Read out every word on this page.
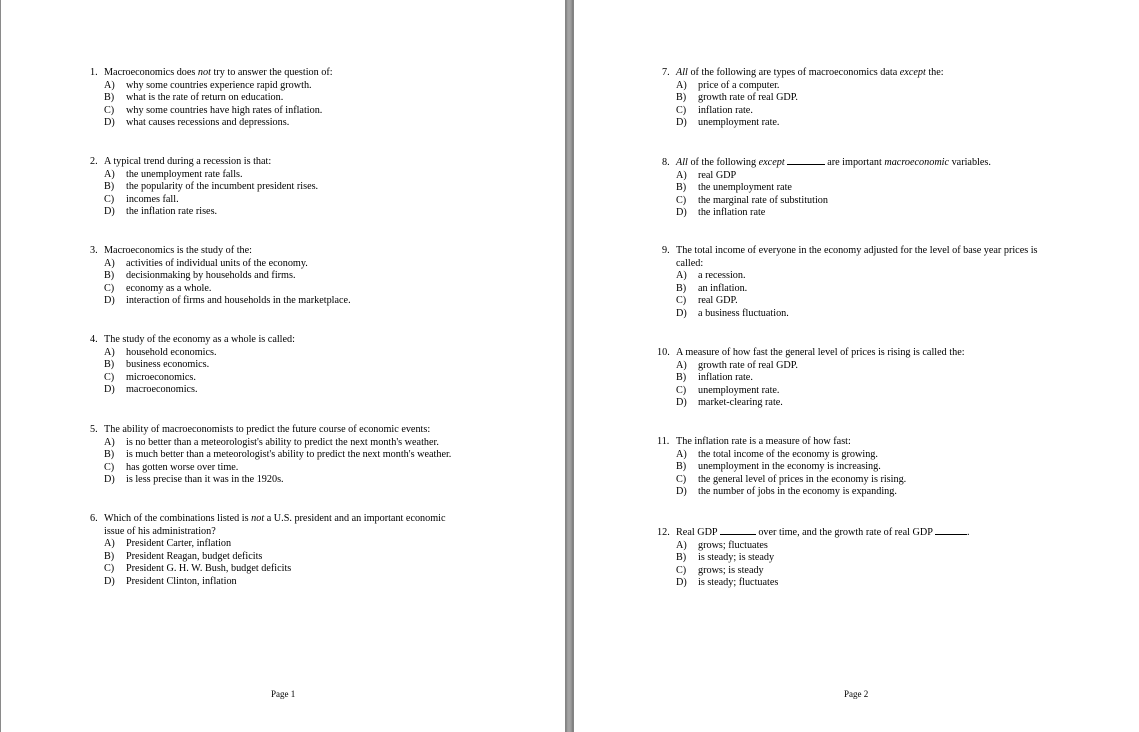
1. Macroeconomics does not try to answer the question of:
A) why some countries experience rapid growth.
B) what is the rate of return on education.
C) why some countries have high rates of inflation.
D) what causes recessions and depressions.
2. A typical trend during a recession is that:
A) the unemployment rate falls.
B) the popularity of the incumbent president rises.
C) incomes fall.
D) the inflation rate rises.
3. Macroeconomics is the study of the:
A) activities of individual units of the economy.
B) decisionmaking by households and firms.
C) economy as a whole.
D) interaction of firms and households in the marketplace.
4. The study of the economy as a whole is called:
A) household economics.
B) business economics.
C) microeconomics.
D) macroeconomics.
5. The ability of macroeconomists to predict the future course of economic events:
A) is no better than a meteorologist's ability to predict the next month's weather.
B) is much better than a meteorologist's ability to predict the next month's weather.
C) has gotten worse over time.
D) is less precise than it was in the 1920s.
6. Which of the combinations listed is not a U.S. president and an important economic
issue of his administration?
A) President Carter, inflation
B) President Reagan, budget deficits
C) President G. H. W. Bush, budget deficits
D) President Clinton, inflation
Page 1
7. All of the following are types of macroeconomics data except the:
A) price of a computer.
B) growth rate of real GDP.
C) inflation rate.
D) unemployment rate.
8. All of the following except	are important macroeconomic variables.
A) real GDP
B) the unemployment rate
C) the marginal rate of substitution
D) the inflation rate
9. The total income of everyone in the economy adjusted for the level of base year prices is
called:
A) a recession.
B) an inflation.
C) real GDP.
D) a business fluctuation.
10. A measure of how fast the general level of prices is rising is called the:
A) growth rate of real GDP.
B) inflation rate.
C) unemployment rate.
D) market-clearing rate.
11. The inflation rate is a measure of how fast:
A) the total income of the economy is growing.
B) unemployment in the economy is increasing.
C) the general level of prices in the economy is rising.
D) the number of jobs in the economy is expanding.
12. Real GDP	over time, and the growth rate of real GDP	.
A) grows; fluctuates
B) is steady; is steady
C) grows; is steady
D) is steady; fluctuates
Page 2
